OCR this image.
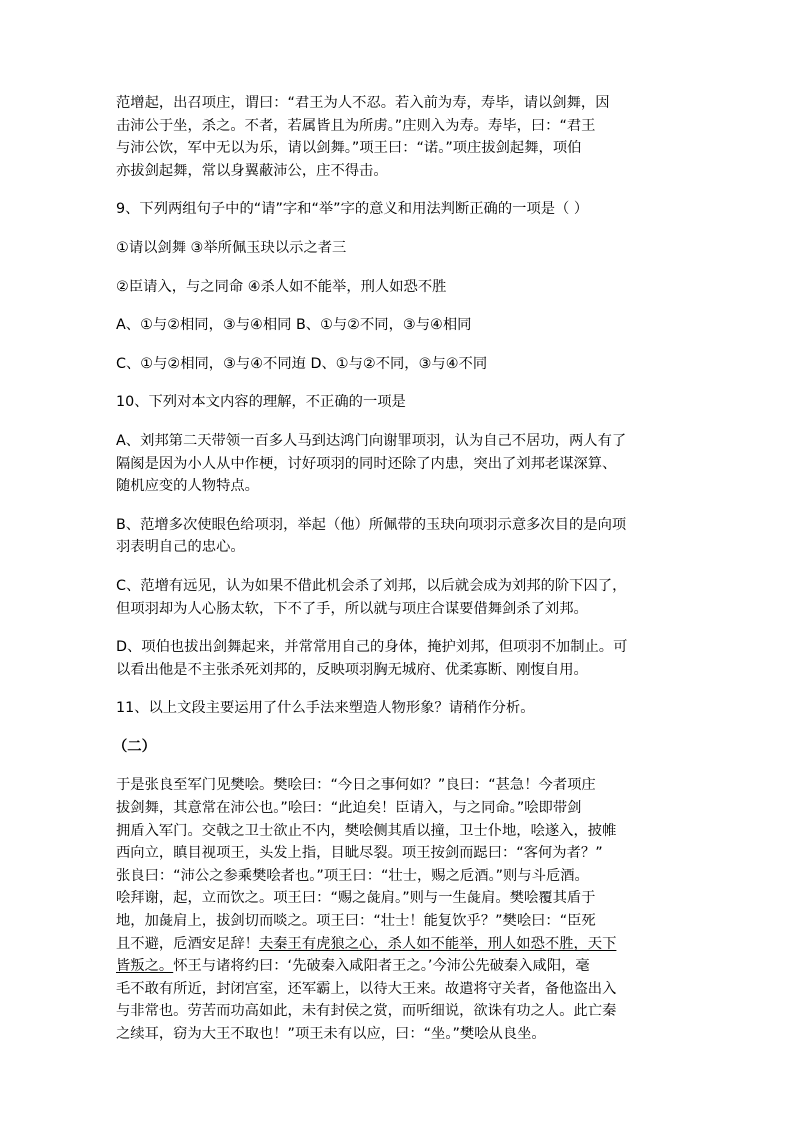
范增起，出召项庄，谓曰：“君王为人不忍。若入前为寿，寿毕，请以剑舞，因

击沛公于坐，杀之。不者，若属皆且为所虏。”庄则入为寿。寿毕，曰：“君王

与沛公饮，军中无以为乐，请以剑舞。”项王曰：“诺。”项庄拔剑起舞，项伯

亦拔剑起舞，常以身翼蔽沛公，庄不得击。

9、下列两组句子中的“请”字和“举”字的意义和用法判断正确的一项是（ ）

①请以剑舞 ③举所佩玉玦以示之者三

②臣请入，与之同命 ④杀人如不能举，刑人如恐不胜

A、①与②相同，③与④相同 B、①与②不同，③与④相同

C、①与②相同，③与④不同迶 D、①与②不同，③与④不同

10、下列对本文内容的理解，不正确的一项是

A、刘邦第二天带领一百多人马到达鸿门向谢罪项羽，认为自己不居功，两人有了

隔阂是因为小人从中作梗，讨好项羽的同时还除了内患，突出了刘邦老谋深算、

随机应变的人物特点。

B、范增多次使眼色给项羽，举起（他）所佩带的玉玦向项羽示意多次目的是向项

羽表明自己的忠心。

C、范增有远见，认为如果不借此机会杀了刘邦，以后就会成为刘邦的阶下囚了，

但项羽却为人心肠太软，下不了手，所以就与项庄合谋要借舞剑杀了刘邦。

D、项伯也拔出剑舞起来，并常常用自己的身体，掩护刘邦，但项羽不加制止。可

以看出他是不主张杀死刘邦的，反映项羽胸无城府、优柔寡断、刚愎自用。

11、以上文段主要运用了什么手法来塑造人物形象？请稍作分析。

（二）

于是张良至军门见樊哙。樊哙曰：“今日之事何如？”良曰：“甚急！今者项庄

拔剑舞，其意常在沛公也。”哙曰：“此迫矣！臣请入，与之同命。”哙即带剑

拥盾入军门。交戟之卫士欲止不内，樊哙侧其盾以撞，卫士仆地，哙遂入，披帷

西向立，瞋目视项王，头发上指，目眦尽裂。项王按剑而跽曰：“客何为者？”

张良曰：“沛公之参乘樊哙者也。”项王曰：“壮士，赐之卮酒。”则与斗卮酒。

哙拜谢，起，立而饮之。项王曰：“赐之彘肩。”则与一生彘肩。樊哙覆其盾于

地，加彘肩上，拔剑切而啖之。项王曰：“壮士！能复饮乎？”樊哙曰：“臣死

且不避，卮酒安足辞！夫秦王有虎狼之心，杀人如不能举，刑人如恐不胜，天下

皆叛之。怀王与诸将约曰：‘先破秦入咸阳者王之。’今沛公先破秦入咸阳，毫

毛不敢有所近，封闭宫室，还军霸上，以待大王来。故遣将守关者，备他盗出入

与非常也。劳苦而功高如此，未有封侯之赏，而听细说，欲诛有功之人。此亡秦

之续耳，窃为大王不取也！”项王未有以应，曰：“坐。”樊哙从良坐。
